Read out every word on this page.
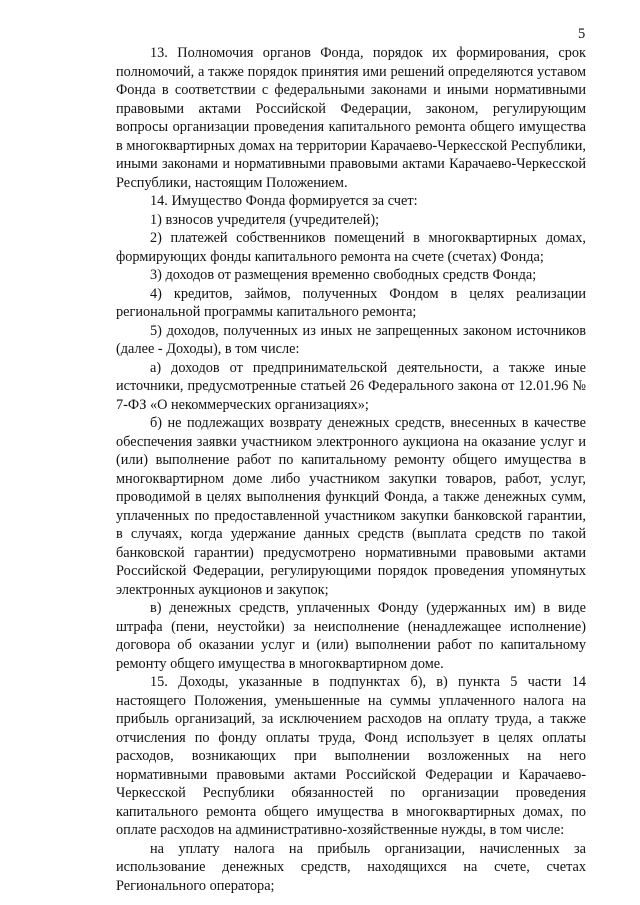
5

13. Полномочия органов Фонда, порядок их формирования, срок полномочий, а также порядок принятия ими решений определяются уставом Фонда в соответствии с федеральными законами и иными нормативными правовыми актами Российской Федерации, законом, регулирующим вопросы организации проведения капитального ремонта общего имущества в многоквартирных домах на территории Карачаево-Черкесской Республики, иными законами и нормативными правовыми актами Карачаево-Черкесской Республики, настоящим Положением.

14. Имущество Фонда формируется за счет:

1) взносов учредителя (учредителей);

2) платежей собственников помещений в многоквартирных домах, формирующих фонды капитального ремонта на счете (счетах) Фонда;

3) доходов от размещения временно свободных средств Фонда;

4) кредитов, займов, полученных Фондом в целях реализации региональной программы капитального ремонта;

5) доходов, полученных из иных не запрещенных законом источников (далее - Доходы), в том числе:

а) доходов от предпринимательской деятельности, а также иные источники, предусмотренные статьей 26 Федерального закона от 12.01.96 № 7-ФЗ «О некоммерческих организациях»;

б) не подлежащих возврату денежных средств, внесенных в качестве обеспечения заявки участником электронного аукциона на оказание услуг и (или) выполнение работ по капитальному ремонту общего имущества в многоквартирном доме либо участником закупки товаров, работ, услуг, проводимой в целях выполнения функций Фонда, а также денежных сумм, уплаченных по предоставленной участником закупки банковской гарантии, в случаях, когда удержание данных средств (выплата средств по такой банковской гарантии) предусмотрено нормативными правовыми актами Российской Федерации, регулирующими порядок проведения упомянутых электронных аукционов и закупок;

в) денежных средств, уплаченных Фонду (удержанных им) в виде штрафа (пени, неустойки) за неисполнение (ненадлежащее исполнение) договора об оказании услуг и (или) выполнении работ по капитальному ремонту общего имущества в многоквартирном доме.

15. Доходы, указанные в подпунктах б), в) пункта 5 части 14 настоящего Положения, уменьшенные на суммы уплаченного налога на прибыль организаций, за исключением расходов на оплату труда, а также отчисления по фонду оплаты труда, Фонд использует в целях оплаты расходов, возникающих при выполнении возложенных на него нормативными правовыми актами Российской Федерации и Карачаево-Черкесской Республики обязанностей по организации проведения капитального ремонта общего имущества в многоквартирных домах, по оплате расходов на административно-хозяйственные нужды, в том числе:

на уплату налога на прибыль организации, начисленных за использование денежных средств, находящихся на счете, счетах Регионального оператора;
